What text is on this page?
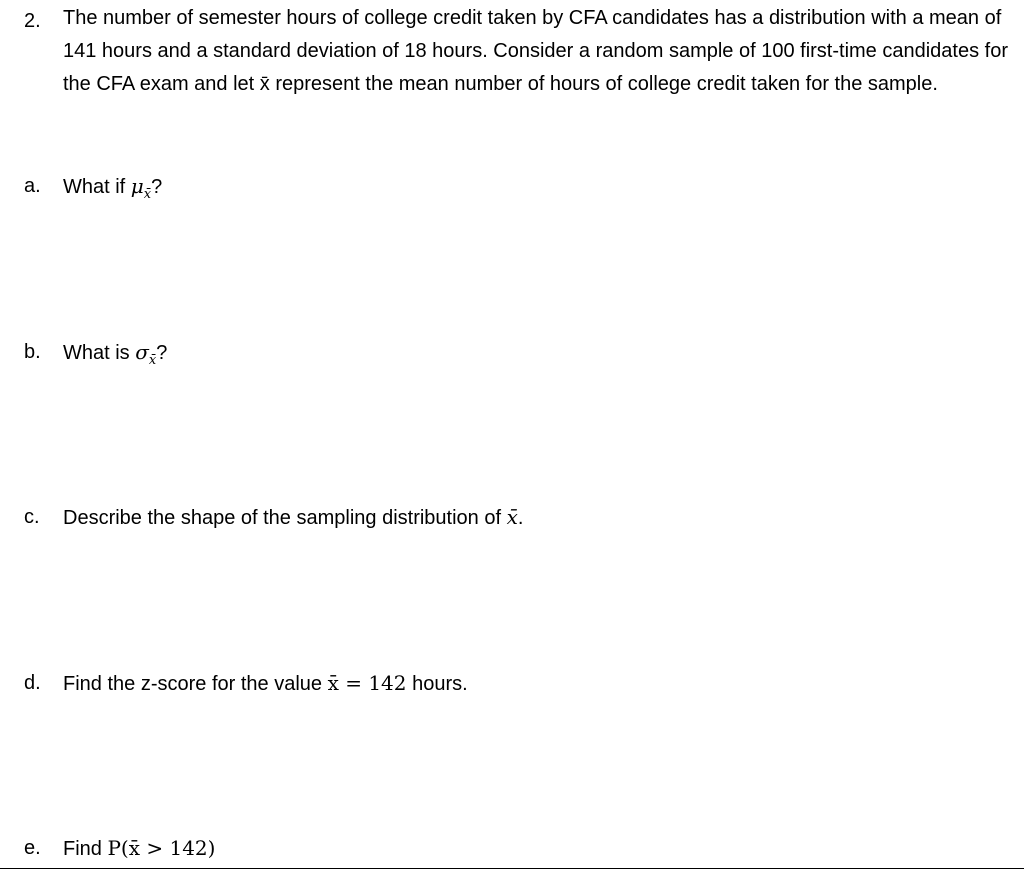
2. The number of semester hours of college credit taken by CFA candidates has a distribution with a mean of 141 hours and a standard deviation of 18 hours. Consider a random sample of 100 first-time candidates for the CFA exam and let x̄ represent the mean number of hours of college credit taken for the sample.
a. What if $\mu_{x̄}$?
b. What is $\sigma_{x̄}$?
c. Describe the shape of the sampling distribution of x̄.
d. Find the z-score for the value x̄ = 142 hours.
e. Find P(x̄ > 142)
